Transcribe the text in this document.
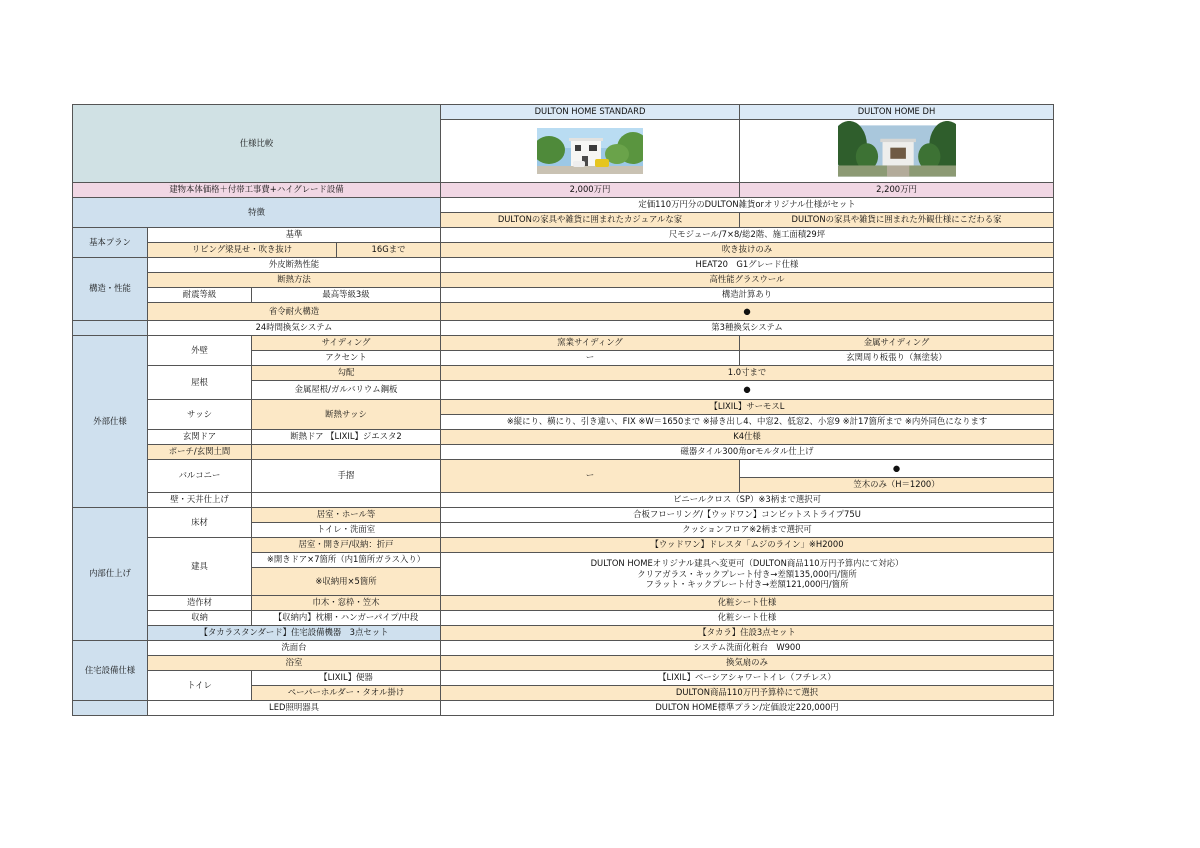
仕様比較				DULTON HOME STANDARD	DULTON HOME DH

建物本体価格＋付帯工事費+ハイグレード設備				2,000万円	2,200万円
特徴				定価110万円分のDULTON雑貨orオリジナル仕様がセット	
				DULTONの家具や雑貨に囲まれたカジュアルな家	DULTONの家具や雑貨に囲まれた外観仕様にこだわる家
基本プラン	基準			尺モジュール/7×8/総2階、施工面積29坪	
	リビング梁見せ・吹き抜け		16Gまで	吹き抜けのみ	
構造・性能	外皮断熱性能			HEAT20　G1グレード仕様	
	断熱方法			高性能グラスウール	
	耐震等級	最高等級3級		構造計算あり	
	省令耐火構造			●	
	24時間換気システム			第3種換気システム	
外部仕様	外壁	サイディング		窯業サイディング	金属サイディング
		アクセント		ー	玄関周り板張り（無塗装）
	屋根	勾配		1.0寸まで	
		金属屋根/ガルバリウム鋼板		●	
	サッシ	断熱サッシ		【LIXIL】サーモスL	
				※縦にり、横にり、引き違い、FIX ※W＝1650まで ※掃き出し4、中窓2、低窓2、小窓9 ※計17箇所まで ※内外同色になります	
	玄関ドア	断熱ドア 【LIXIL】ジエスタ2		K4仕様	
	ポーチ/玄関土間			磁器タイル300角orモルタル仕上げ	
	バルコニー	手摺		ー	●
					笠木のみ（H＝1200）
	壁・天井仕上げ			ビニールクロス（SP）※3柄まで選択可	
内部仕上げ	床材	居室・ホール等		合板フローリング/【ウッドワン】コンビットストライプ75U	
		トイレ・洗面室		クッションフロア※2柄まで選択可	
	建具	居室・開き戸/収納：折戸		【ウッドワン】ドレスタ「ムジのライン」※H2000	
		※開きドア×7箇所（内1箇所ガラス入り）		DULTON HOMEオリジナル建具へ変更可（DULTON商品110万円予算内にて対応）
クリアガラス・キックプレート付き→差額135,000円/箇所
フラット・キックプレート付き→差額121,000円/箇所	

		※収納用×5箇所			
	造作材	巾木・窓枠・笠木		化粧シート仕様	
	収納	【収納内】枕棚・ハンガーパイプ/中段		化粧シート仕様	
	【タカラスタンダード】住宅設備機器　3点セット			【タカラ】住設3点セット	
住宅設備仕様	洗面台			システム洗面化粧台　W900	
	浴室			換気扇のみ	
	トイレ	【LIXIL】便器		【LIXIL】ベーシアシャワートイレ（フチレス）	
		ペーパーホルダー・タオル掛け		DULTON商品110万円予算枠にて選択	
	LED照明器具			DULTON HOME標準プラン/定価設定220,000円	
